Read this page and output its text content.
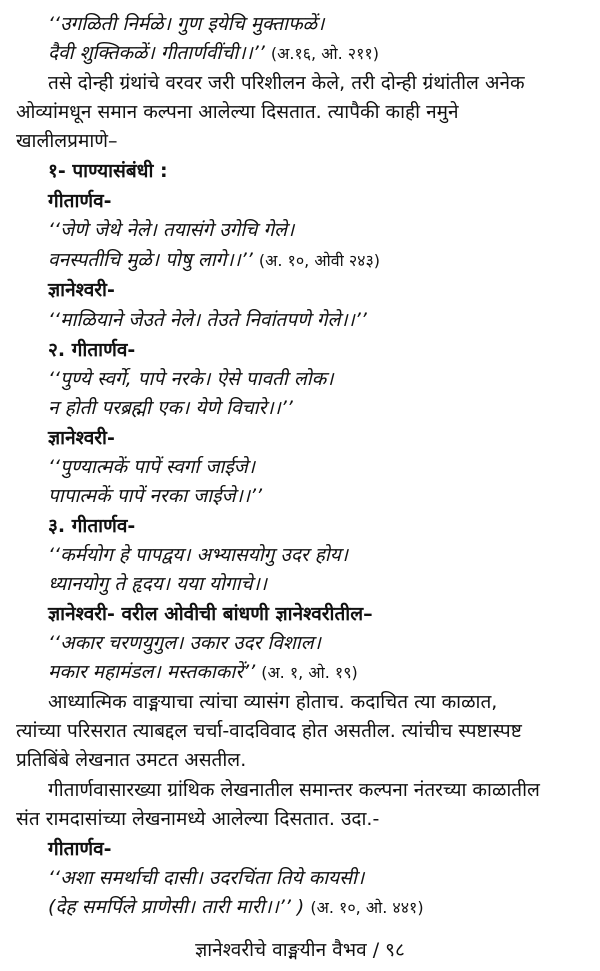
‘‘उगळिती निर्मळे। गुण इयेचि मुक्ताफळें।
दैवी शुक्तिकळें। गीतार्णवींची।।’’ (अ.१६, ओ. २११)
तसे दोन्ही ग्रंथांचे वरवर जरी परिशीलन केले, तरी दोन्ही ग्रंथांतील अनेक
ओव्यांमधून समान कल्पना आलेल्या दिसतात. त्यापैकी काही नमुने
खालीलप्रमाणे–
१- पाण्यासंबंधी :
गीतार्णव-
‘‘जेणे जेथे नेले। तयासंगे उगेचि गेले।
वनस्पतीचि मुळे। पोषु लागे।।’’ (अ. १०, ओवी २४३)
ज्ञानेश्वरी-
‘‘माळियाने जेउते नेले। तेउते निवांतपणे गेले।।’’
२. गीतार्णव-
‘‘पुण्ये स्वर्गे, पापे नरके। ऐसे पावती लोक।
न होती परब्रह्मी एक। येणे विचारे।।’’
ज्ञानेश्वरी-
‘‘पुण्यात्मकें पापें स्वर्गा जाईजे।
पापात्मकें पापें नरका जाईजे।।’’
३. गीतार्णव-
‘‘कर्मयोग हे पापद्वय। अभ्यासयोगु उदर होय।
ध्यानयोगु ते हृदय। यया योगाचे।।
ज्ञानेश्वरी- वरील ओवीची बांधणी ज्ञानेश्वरीतील–
‘‘अकार चरणयुगुल। उकार उदर विशाल।
मकार महामंडल। मस्तकाकारें’’ (अ. १, ओ. १९)
आध्यात्मिक वाङ्मयाचा त्यांचा व्यासंग होताच. कदाचित त्या काळात,
त्यांच्या परिसरात त्याबद्दल चर्चा-वादविवाद होत असतील. त्यांचीच स्पष्टास्पष्ट
प्रतिबिंबे लेखनात उमटत असतील.
गीतार्णवासारख्या ग्रांथिक लेखनातील समान्तर कल्पना नंतरच्या काळातील
संत रामदासांच्या लेखनामध्ये आलेल्या दिसतात. उदा.-
गीतार्णव-
‘‘अशा समर्थाची दासी। उदरचिंता तिये कायसी।
(देह समर्पिले प्राणेसी। तारी मारी।।’’ ) (अ. १०, ओ. ४४१)
ज्ञानेश्वरीचे वाङ्मयीन वैभव / ९८
